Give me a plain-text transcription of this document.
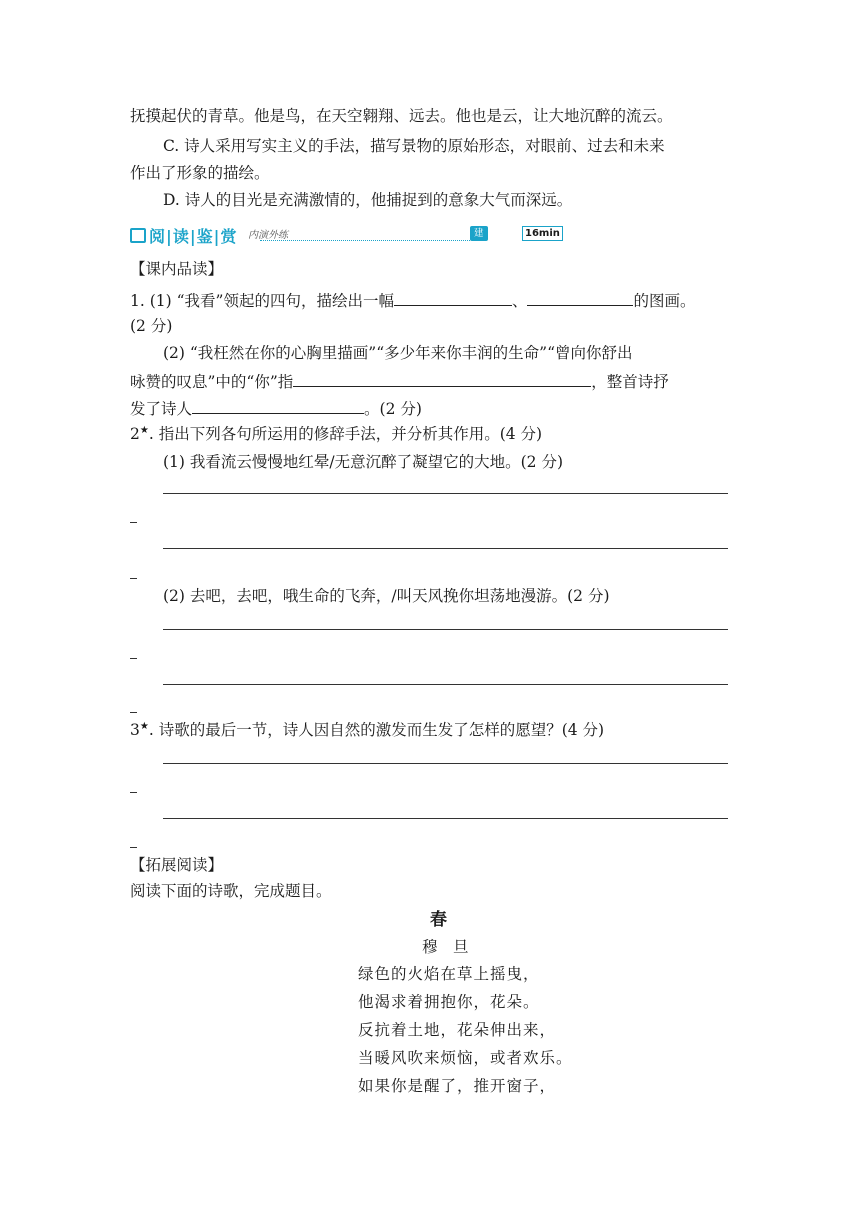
抚摸起伏的青草。他是鸟，在天空翱翔、远去。他也是云，让大地沉醉的流云。
C. 诗人采用写实主义的手法，描写景物的原始形态，对眼前、过去和未来
作出了形象的描绘。
D. 诗人的目光是充满激情的，他捕捉到的意象大气而深远。
阅|读|鉴|赏 内演外练	建议用时
16min
【课内品读】
1. (1) “我看”领起的四句，描绘出一幅	、	的图画。
(2 分)
(2) “我枉然在你的心胸里描画”“多少年来你丰润的生命”“曾向你舒出
咏赞的叹息”中的“你”指	，整首诗抒
发了诗人	。(2 分)
2★. 指出下列各句所运用的修辞手法，并分析其作用。(4 分)
(1) 我看流云慢慢地红晕/无意沉醉了凝望它的大地。(2 分)
(2) 去吧，去吧，哦生命的飞奔，/叫天风挽你坦荡地漫游。(2 分)
3★. 诗歌的最后一节，诗人因自然的激发而生发了怎样的愿望？(4 分)
【拓展阅读】
阅读下面的诗歌，完成题目。
春
穆　旦
绿色的火焰在草上摇曳，
他渴求着拥抱你，花朵。
反抗着土地，花朵伸出来，
当暖风吹来烦恼，或者欢乐。
如果你是醒了，推开窗子，
